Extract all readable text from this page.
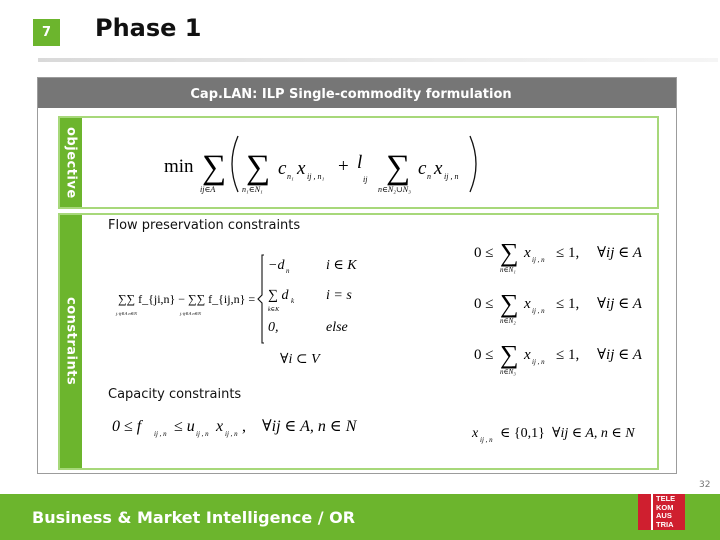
7 Phase 1
Cap.LAN: ILP Single-commodity formulation
objective	min ∑
ij∈A
∑
n₁∈N₁
c n₁ x ij , n₁ + l
ij ∑
n∈N₂∪N₃
c n x ij , n
constraints
Flow preservation constraints
∑∑ f_{ji,n} − ∑∑ f_{ij,n} =
j:ij∈A n∈N	j:ij∈A n∈N
−d n	i ∈ K
∑ d k
k∈K
i = s
0,	else
∀i ⊂ V
0 ≤ ∑
n∈N₁
x ij , n ≤ 1, ∀ij ∈ A
0 ≤ ∑
n∈N₂
x ij , n ≤ 1, ∀ij ∈ A
0 ≤ ∑
n∈N₃
x ij , n ≤ 1, ∀ij ∈ A
Capacity constraints
0 ≤ f	ij , n ≤ u ij , n x ij , n , ∀ij ∈ A, n ∈ N	x ij , n ∈ {0,1} ∀ij ∈ A, n ∈ N
32
Business & Market Intelligence / OR
TELE
KOM
AUS
TRIA
